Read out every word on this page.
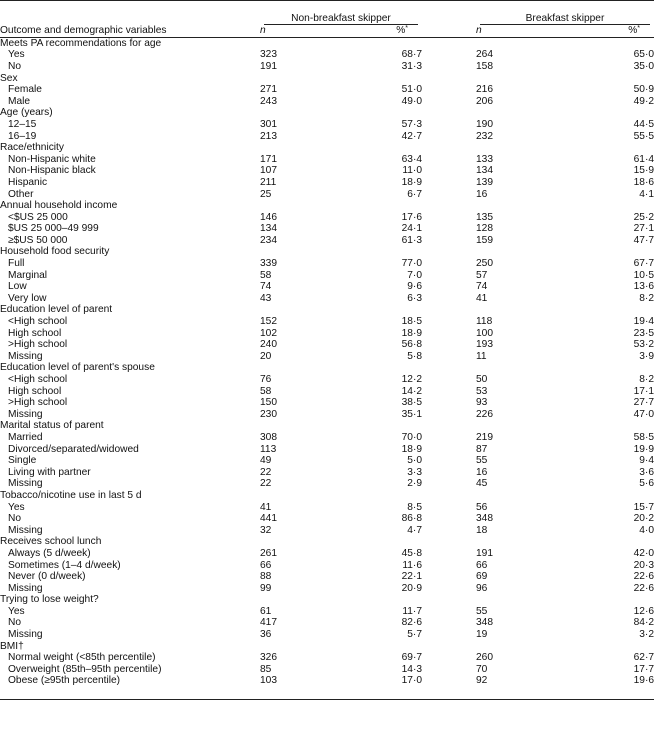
	Non-breakfast skipper			Breakfast skipper	

Outcome and demographic variables	n	%*		n	%*
Meets PA recommendations for age					
Yes	323	68·7		264	65·0
No	191	31·3		158	35·0
Sex					
Female	271	51·0		216	50·9
Male	243	49·0		206	49·2
Age (years)					
12–15	301	57·3		190	44·5
16–19	213	42·7		232	55·5
Race/ethnicity					
Non-Hispanic white	171	63·4		133	61·4
Non-Hispanic black	107	11·0		134	15·9
Hispanic	211	18·9		139	18·6
Other	25	6·7		16	4·1
Annual household income					
<$US 25 000	146	17·6		135	25·2
$US 25 000–49 999	134	24·1		128	27·1
≥$US 50 000	234	61·3		159	47·7
Household food security					
Full	339	77·0		250	67·7
Marginal	58	7·0		57	10·5
Low	74	9·6		74	13·6
Very low	43	6·3		41	8·2
Education level of parent					
<High school	152	18·5		118	19·4
High school	102	18·9		100	23·5
>High school	240	56·8		193	53·2
Missing	20	5·8		11	3·9
Education level of parent's spouse					
<High school	76	12·2		50	8·2
High school	58	14·2		53	17·1
>High school	150	38·5		93	27·7
Missing	230	35·1		226	47·0
Marital status of parent					
Married	308	70·0		219	58·5
Divorced/separated/widowed	113	18·9		87	19·9
Single	49	5·0		55	9·4
Living with partner	22	3·3		16	3·6
Missing	22	2·9		45	5·6
Tobacco/nicotine use in last 5 d					
Yes	41	8·5		56	15·7
No	441	86·8		348	20·2
Missing	32	4·7		18	4·0
Receives school lunch					
Always (5 d/week)	261	45·8		191	42·0
Sometimes (1–4 d/week)	66	11·6		66	20·3
Never (0 d/week)	88	22·1		69	22·6
Missing	99	20·9		96	22·6
Trying to lose weight?					
Yes	61	11·7		55	12·6
No	417	82·6		348	84·2
Missing	36	5·7		19	3·2
BMI†					
Normal weight (<85th percentile)	326	69·7		260	62·7
Overweight (85th–95th percentile)	85	14·3		70	17·7
Obese (≥95th percentile)	103	17·0		92	19·6
